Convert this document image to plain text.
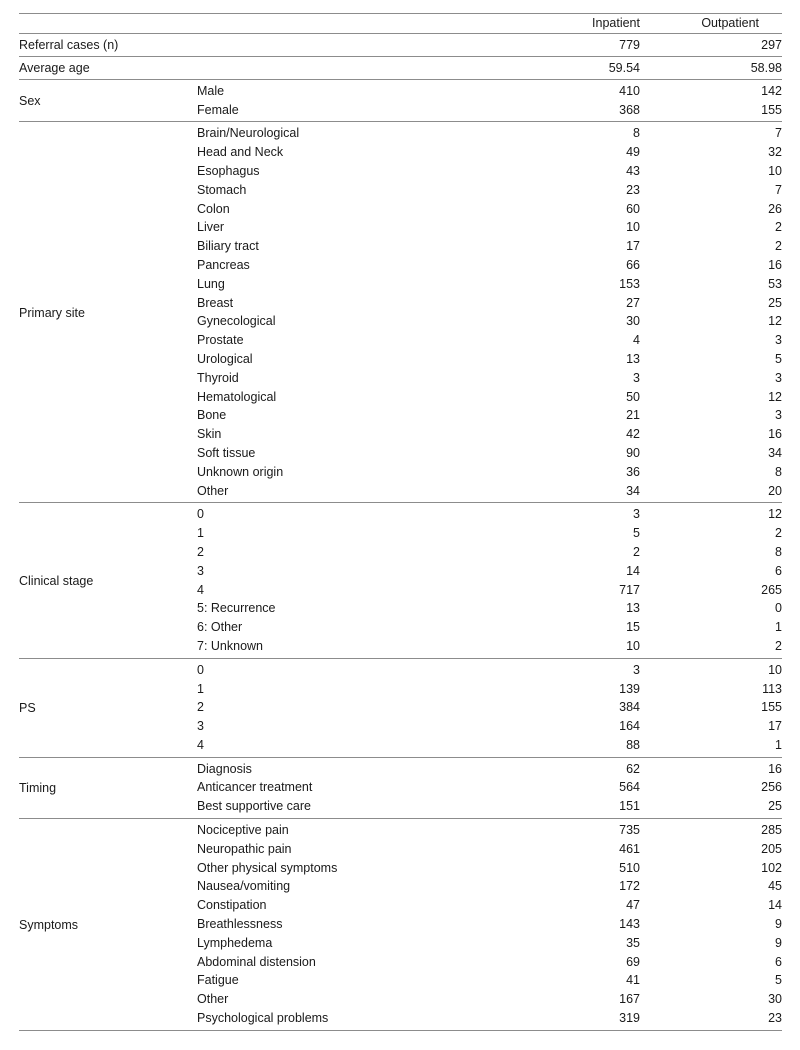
		Inpatient	Outpatient
Referral cases (n)		779	297
Average age		59.54	58.98
Sex	Male	410	142
	Female	368	155
Primary site	Brain/Neurological	8	7
	Head and Neck	49	32
	Esophagus	43	10
	Stomach	23	7
	Colon	60	26
	Liver	10	2
	Biliary tract	17	2
	Pancreas	66	16
	Lung	153	53
	Breast	27	25
	Gynecological	30	12
	Prostate	4	3
	Urological	13	5
	Thyroid	3	3
	Hematological	50	12
	Bone	21	3
	Skin	42	16
	Soft tissue	90	34
	Unknown origin	36	8
	Other	34	20
Clinical stage	0	3	12
	1	5	2
	2	2	8
	3	14	6
	4	717	265
	5: Recurrence	13	0
	6: Other	15	1
	7: Unknown	10	2
PS	0	3	10
	1	139	113
	2	384	155
	3	164	17
	4	88	1
Timing	Diagnosis	62	16
	Anticancer treatment	564	256
	Best supportive care	151	25
Symptoms	Nociceptive pain	735	285
	Neuropathic pain	461	205
	Other physical symptoms	510	102
	Nausea/vomiting	172	45
	Constipation	47	14
	Breathlessness	143	9
	Lymphedema	35	9
	Abdominal distension	69	6
	Fatigue	41	5
	Other	167	30
	Psychological problems	319	23
